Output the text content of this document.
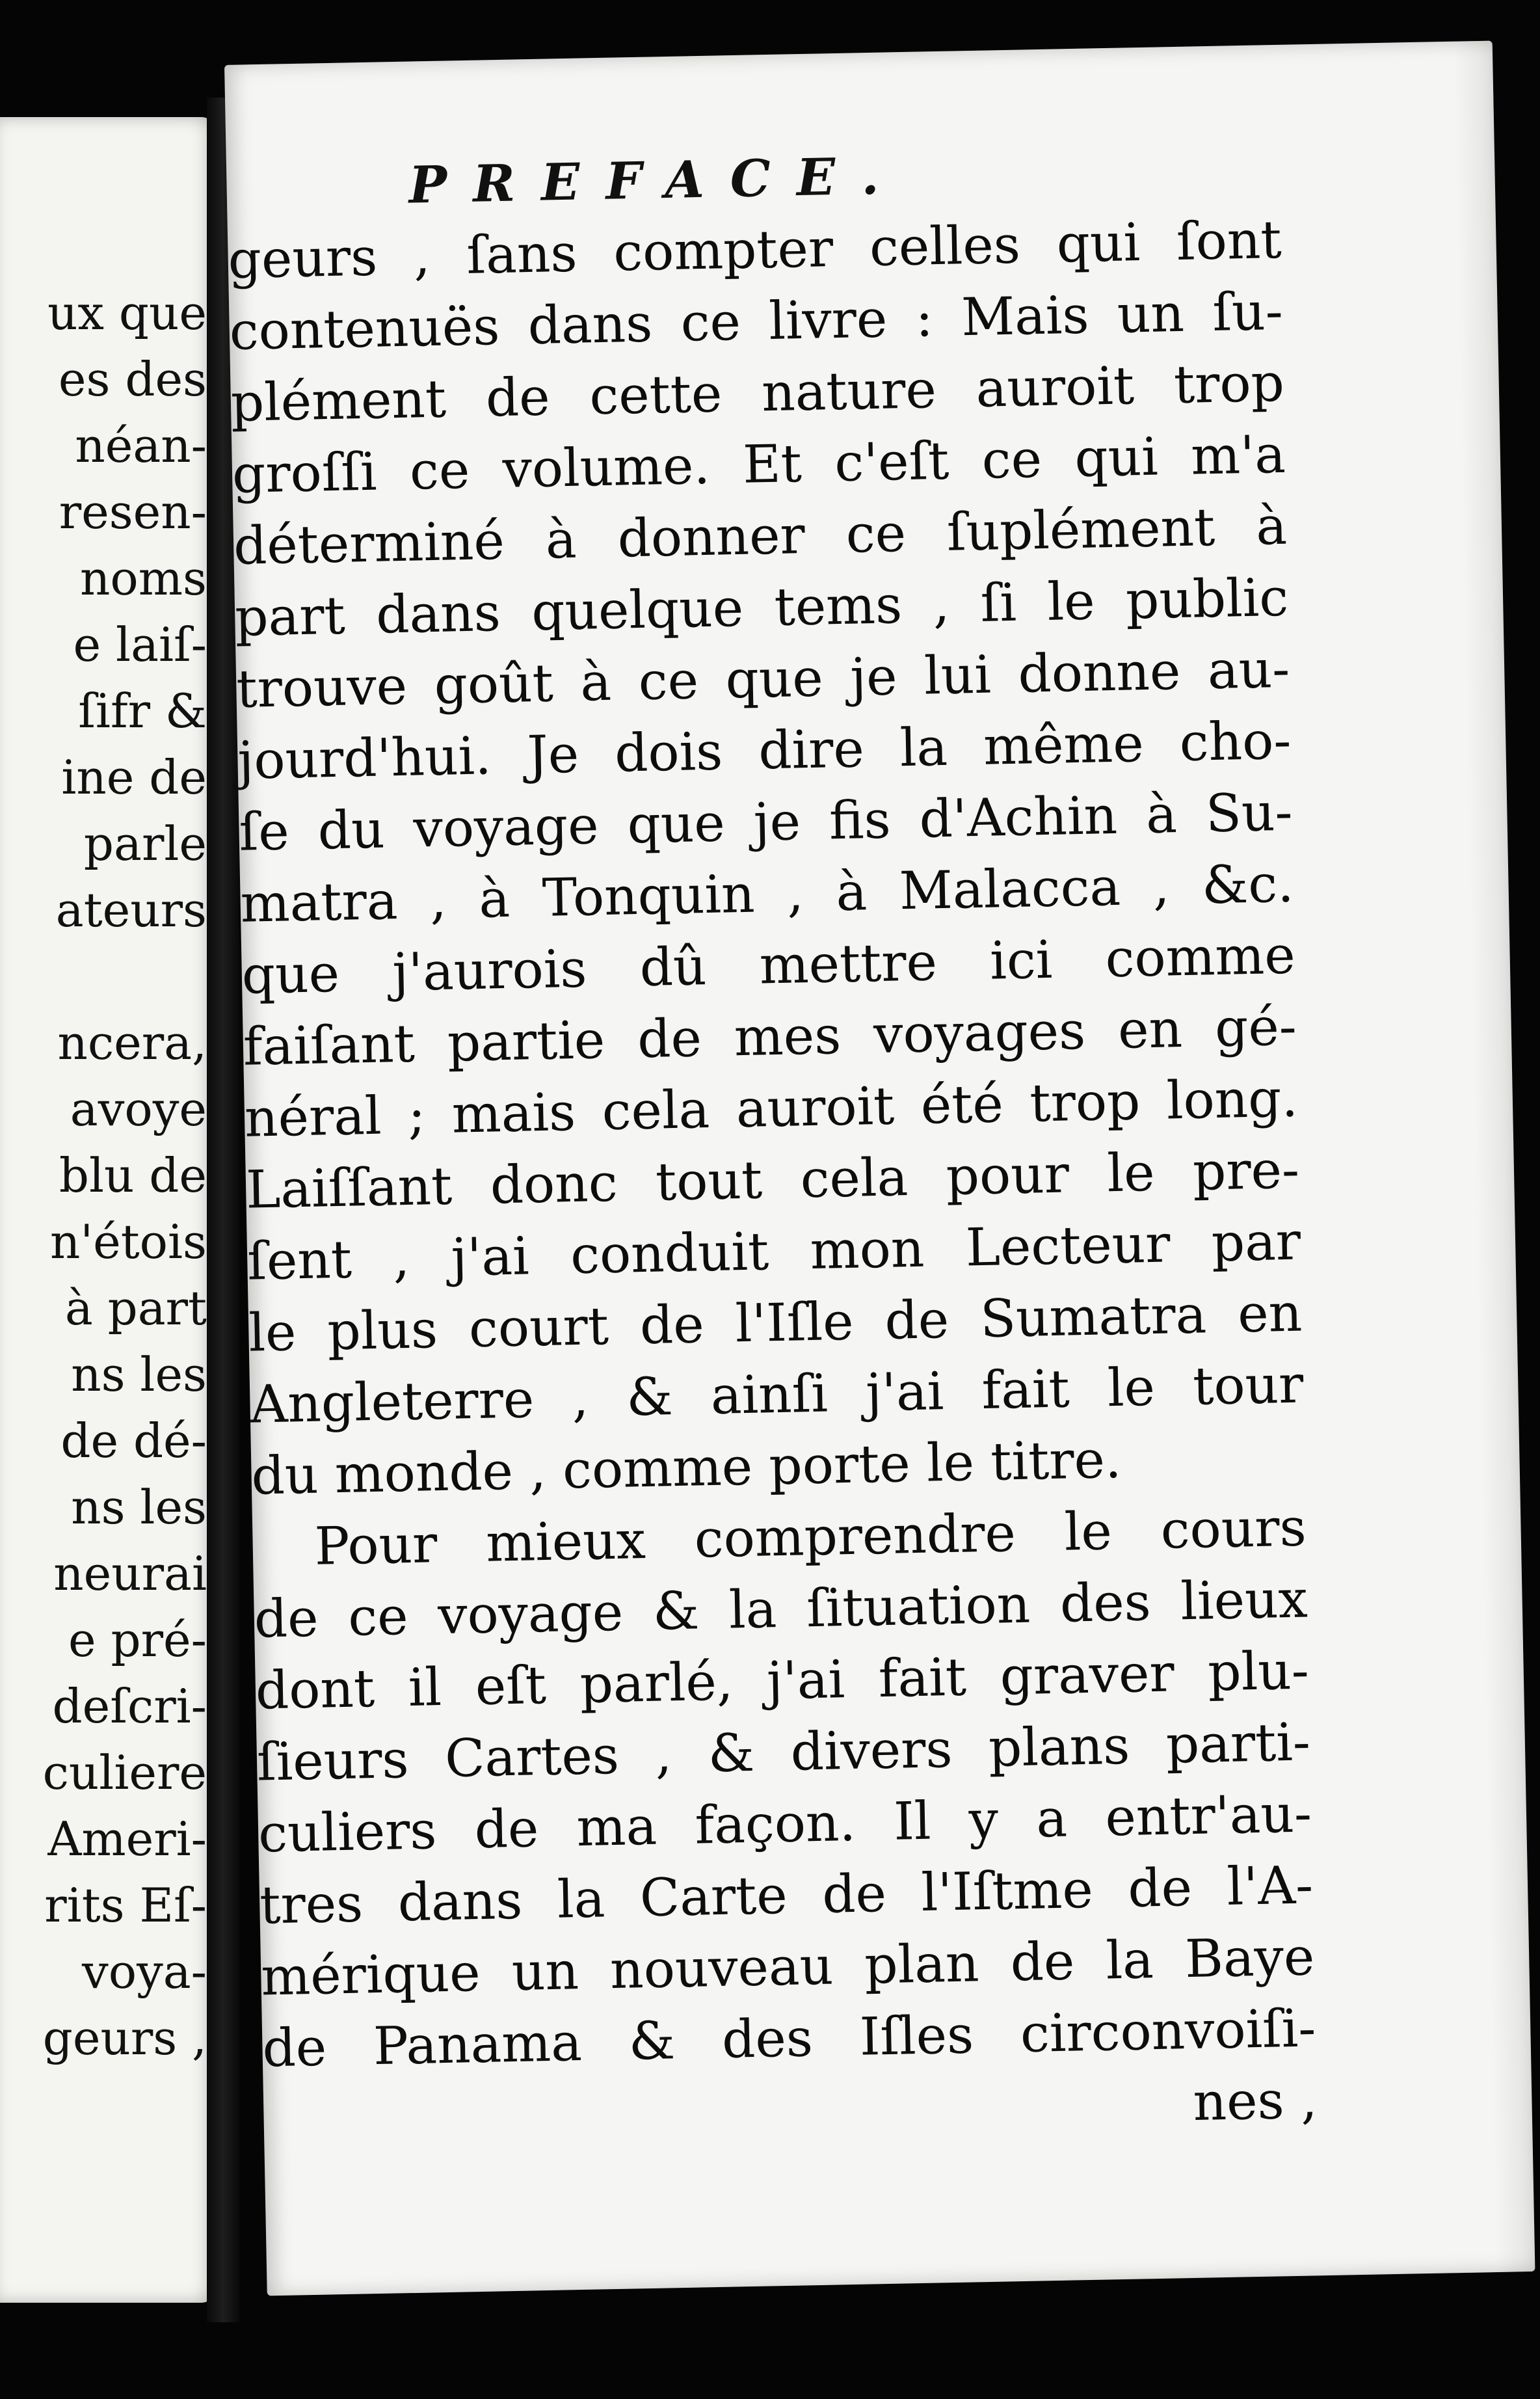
ux que
es des
néan-
resen-
noms
e laiſ-
ſifr &
ine de
parle
ateurs
ncera,
avoye
blu de
n'étois
à part
ns les
de dé-
ns les
neurai
e pré-
deſcri-
culiere
Ameri-
rits Eſ-
voya-
geurs ,
PREFACE.
geurs , ſans compter celles qui ſont
contenuës dans ce livre : Mais un ſu-
plément de cette nature auroit trop
groſſi ce volume. Et c'eſt ce qui m'a
déterminé à donner ce ſuplément à
part dans quelque tems , ſi le public
trouve goût à ce que je lui donne au-
jourd'hui. Je dois dire la même cho-
ſe du voyage que je fis d'Achin à Su-
matra , à Tonquin , à Malacca , &c.
que j'aurois dû mettre ici comme
faiſant partie de mes voyages en gé-
néral ; mais cela auroit été trop long.
Laiſſant donc tout cela pour le pre-
ſent , j'ai conduit mon Lecteur par
le plus court de l'Iſle de Sumatra en
Angleterre , & ainſi j'ai fait le tour
du monde , comme porte le titre.
Pour mieux comprendre le cours
de ce voyage & la ſituation des lieux
dont il eſt parlé, j'ai fait graver plu-
ſieurs Cartes , & divers plans parti-
culiers de ma façon. Il y a entr'au-
tres dans la Carte de l'Iſtme de l'A-
mérique un nouveau plan de la Baye
de Panama & des Iſles circonvoiſi-
nes ,
